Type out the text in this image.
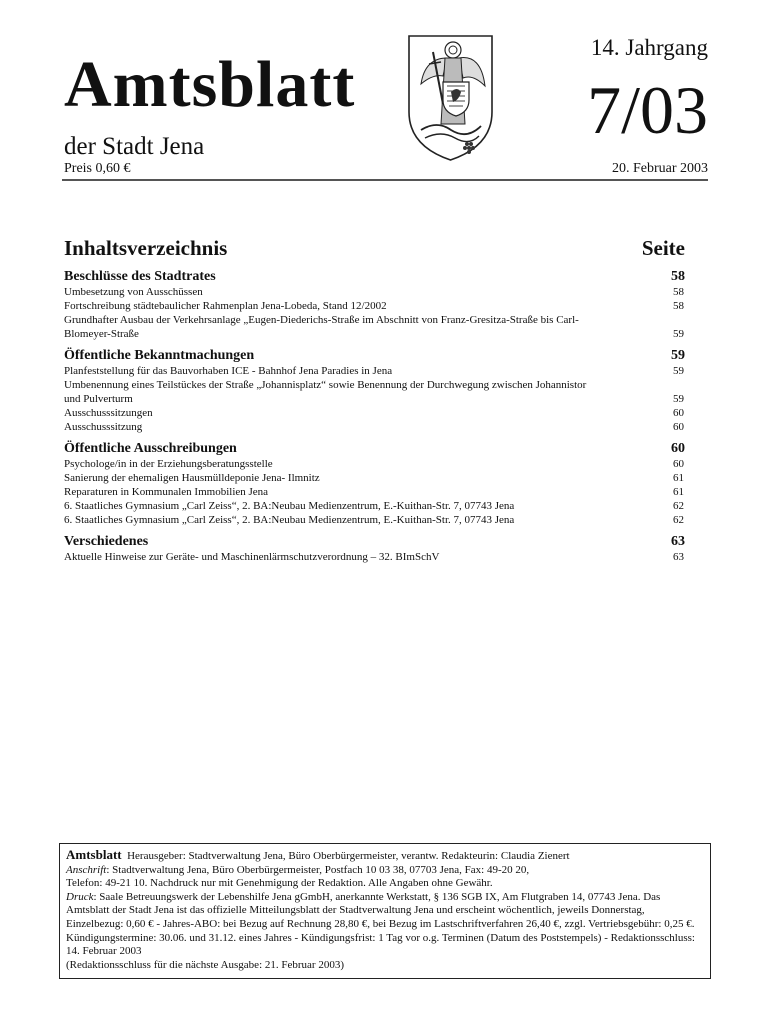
Amtsblatt
der Stadt Jena
Preis 0,60 €
14. Jahrgang
7/03
20. Februar 2003
Inhaltsverzeichnis	Seite
Beschlüsse des Stadtrates	58
Umbesetzung von Ausschüssen	58
Fortschreibung städtebaulicher Rahmenplan Jena-Lobeda, Stand 12/2002	58
Grundhafter Ausbau der Verkehrsanlage „Eugen-Diederichs-Straße im Abschnitt von Franz-Gresitza-Straße bis Carl-Blomeyer-Straße	59
Öffentliche Bekanntmachungen	59
Planfeststellung für das Bauvorhaben ICE - Bahnhof Jena Paradies in Jena	59
Umbenennung eines Teilstückes der Straße „Johannisplatz“ sowie Benennung der Durchwegung zwischen Johannistor und Pulverturm	59
Ausschusssitzungen	60
Ausschusssitzung	60
Öffentliche Ausschreibungen	60
Psychologe/in in der Erziehungsberatungsstelle	60
Sanierung der ehemaligen Hausmülldeponie Jena- Ilmnitz	61
Reparaturen in Kommunalen Immobilien Jena	61
6. Staatliches Gymnasium „Carl Zeiss“, 2. BA:Neubau Medienzentrum, E.-Kuithan-Str. 7, 07743 Jena	62
6. Staatliches Gymnasium „Carl Zeiss“, 2. BA:Neubau Medienzentrum, E.-Kuithan-Str. 7, 07743 Jena	62
Verschiedenes	63
Aktuelle Hinweise zur Geräte- und Maschinenlärmschutzverordnung – 32. BImSchV	63

Amtsblatt Herausgeber: Stadtverwaltung Jena, Büro Oberbürgermeister, verantw. Redakteurin: Claudia Zienert

Anschrift: Stadtverwaltung Jena, Büro Oberbürgermeister, Postfach 10 03 38, 07703 Jena, Fax: 49-20 20,

Telefon: 49-21 10. Nachdruck nur mit Genehmigung der Redaktion. Alle Angaben ohne Gewähr.

Druck: Saale Betreuungswerk der Lebenshilfe Jena gGmbH, anerkannte Werkstatt, § 136 SGB IX, Am Flutgraben 14, 07743 Jena. Das Amtsblatt der Stadt Jena ist das offizielle Mitteilungsblatt der Stadtverwaltung Jena und erscheint wöchentlich, jeweils Donnerstag, Einzelbezug: 0,60 € - Jahres-ABO: bei Bezug auf Rechnung 28,80 €, bei Bezug im Lastschriftverfahren 26,40 €, zzgl. Vertriebsgebühr: 0,25 €. Kündigungstermine: 30.06. und 31.12. eines Jahres - Kündigungsfrist: 1 Tag vor o.g. Terminen (Datum des Poststempels) - Redaktionsschluss: 14. Februar 2003

(Redaktionsschluss für die nächste Ausgabe: 21. Februar 2003)
